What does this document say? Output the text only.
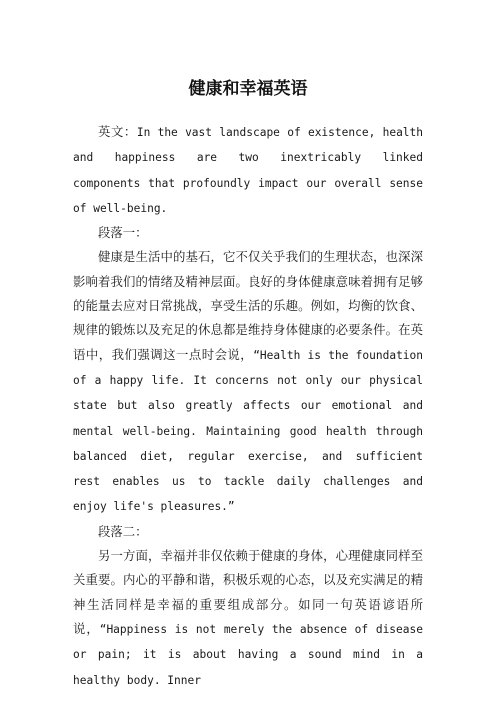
健康和幸福英语

英文：In the vast landscape of existence, health and happiness are two inextricably linked components that profoundly impact our overall sense of well-being.

段落一：

健康是生活中的基石，它不仅关乎我们的生理状态，也深深影响着我们的情绪及精神层面。良好的身体健康意味着拥有足够的能量去应对日常挑战，享受生活的乐趣。例如，均衡的饮食、规律的锻炼以及充足的休息都是维持身体健康的必要条件。在英语中，我们强调这一点时会说，“Health is the foundation of a happy life. It concerns not only our physical state but also greatly affects our emotional and mental well-being. Maintaining good health through balanced diet, regular exercise, and sufficient rest enables us to tackle daily challenges and enjoy life's pleasures.”

段落二：

另一方面，幸福并非仅依赖于健康的身体，心理健康同样至关重要。内心的平静和谐，积极乐观的心态，以及充实满足的精神生活同样是幸福的重要组成部分。如同一句英语谚语所说，“Happiness is not merely the absence of disease or pain; it is about having a sound mind in a healthy body. Inner
